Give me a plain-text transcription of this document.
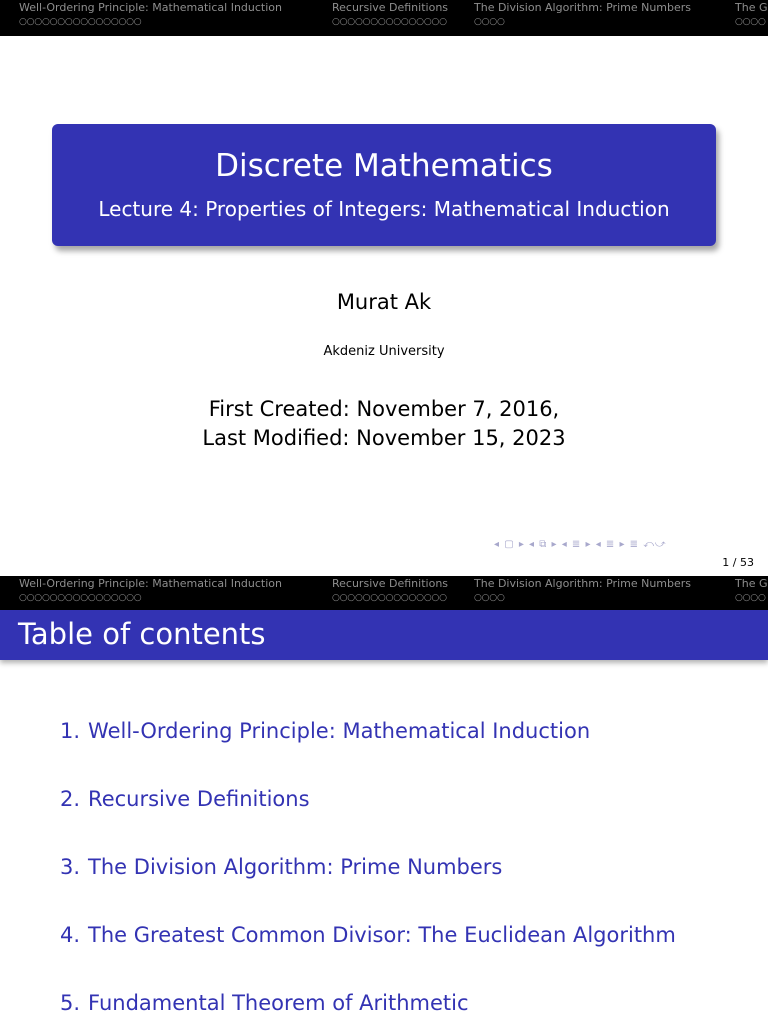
Well-Ordering Principle: Mathematical Induction
○○○○○○○○○○○○○○○○
Recursive Definitions
○○○○○○○○○○○○○○○
The Division Algorithm: Prime Numbers
○○○○
The G
○○○○
Discrete Mathematics
Lecture 4: Properties of Integers: Mathematical Induction
Murat Ak
Akdeniz University
First Created: November 7, 2016,
Last Modified: November 15, 2023
◂ ▢ ▸ ◂ ⧉ ▸ ◂ ≣ ▸ ◂ ≣ ▸ ≣ ⤺⤻
1 / 53
Well-Ordering Principle: Mathematical Induction
○○○○○○○○○○○○○○○○
Recursive Definitions
○○○○○○○○○○○○○○○
The Division Algorithm: Prime Numbers
○○○○
The G
○○○○
Table of contents
1. Well-Ordering Principle: Mathematical Induction
2. Recursive Definitions
3. The Division Algorithm: Prime Numbers
4. The Greatest Common Divisor: The Euclidean Algorithm
5. Fundamental Theorem of Arithmetic
